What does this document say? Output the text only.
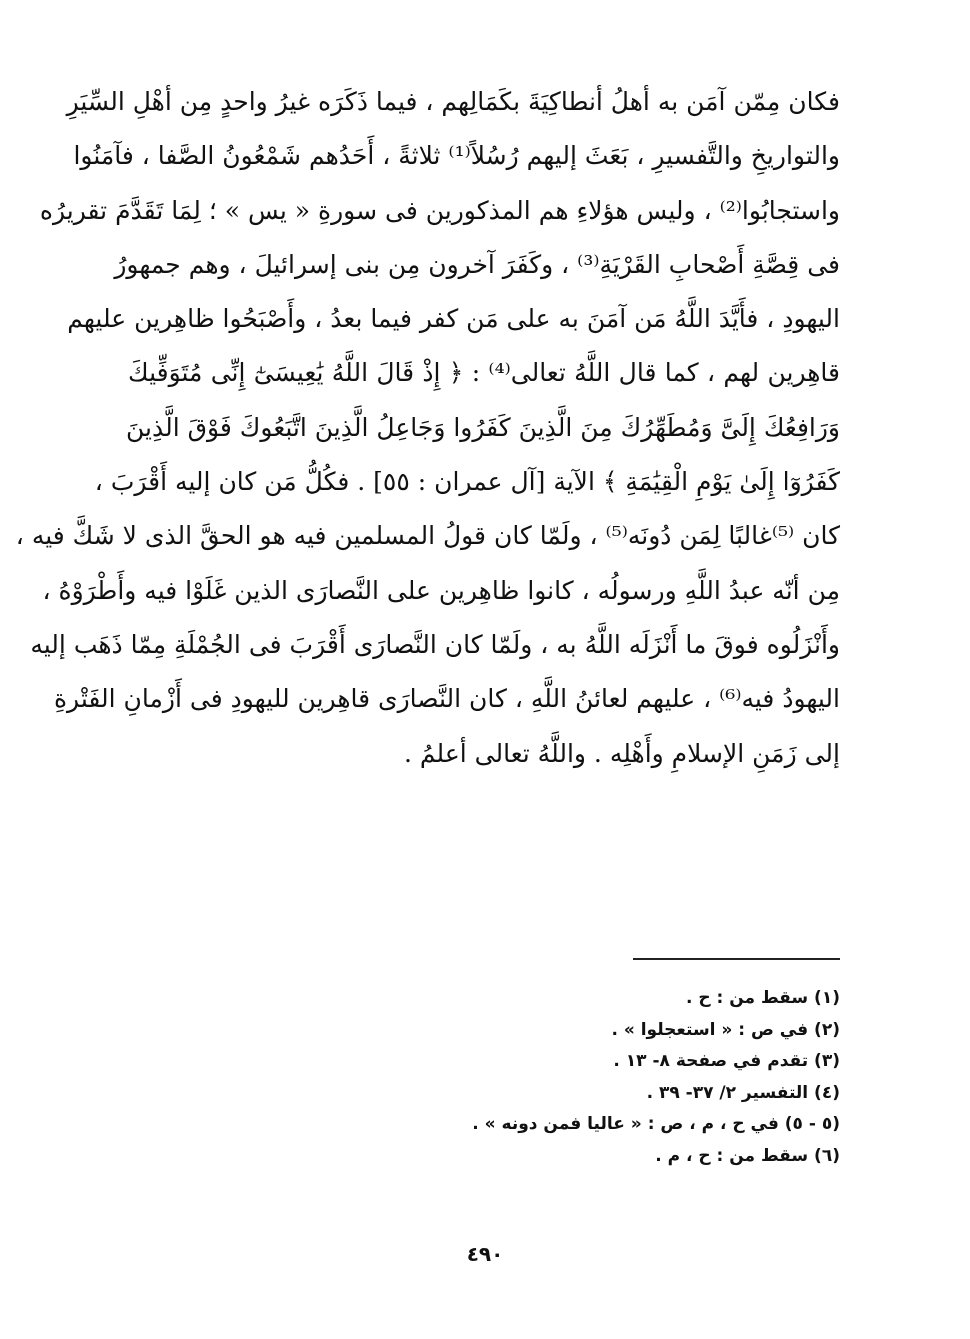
فكان مِمّن آمَن به أهلُ أنطاكِيَةَ بكَمَالِهم ، فيما ذَكَرَه غيرُ واحدٍ مِن أهْلِ السِّيَرِ
والتواريخِ والتَّفسيرِ ، بَعَثَ إليهم رُسُلاً⁽¹⁾ ثلاثةً ، أَحَدُهم شَمْعُونُ الصَّفا ، فآمَنُوا
واستجابُوا⁽²⁾ ، وليس هؤلاءِ هم المذكورين فى سورةِ « يس » ؛ لِمَا تَقَدَّمَ تقريرُه
فى قِصَّةِ أَصْحابِ القَرْيَةِ⁽³⁾ ، وكَفَرَ آخرون مِن بنى إسرائيلَ ، وهم جمهورُ
اليهودِ ، فأَيَّدَ اللَّهُ مَن آمَنَ به على مَن كفر فيما بعدُ ، وأَصْبَحُوا ظاهِرين عليهم
قاهِرين لهم ، كما قال اللَّهُ تعالى⁽⁴⁾ : ﴿ إِذْ قَالَ اللَّهُ يَٰعِيسَىٰٓ إِنِّى مُتَوَفِّيكَ
وَرَافِعُكَ إِلَىَّ وَمُطَهِّرُكَ مِنَ الَّذِينَ كَفَرُوا وَجَاعِلُ الَّذِينَ اتَّبَعُوكَ فَوْقَ الَّذِينَ
كَفَرُوٓا إِلَىٰ يَوْمِ الْقِيَٰمَةِ ﴾ الآية [آل عمران : ٥٥] . فكُلُّ مَن كان إليه أَقْرَبَ ،
كان ⁽⁵⁾غالبًا لِمَن دُونَه⁽⁵⁾ ، ولَمّا كان قولُ المسلمين فيه هو الحقَّ الذى لا شَكَّ فيه ،
مِن أنّه عبدُ اللَّهِ ورسولُه ، كانوا ظاهِرين على النَّصارَى الذين غَلَوْا فيه وأَطْرَوْهُ ،
وأَنْزَلُوه فوقَ ما أَنْزَلَه اللَّهُ به ، ولَمّا كان النَّصارَى أَقْرَبَ فى الجُمْلَةِ مِمّا ذَهَب إليه
اليهودُ فيه⁽⁶⁾ ، عليهم لعائنُ اللَّهِ ، كان النَّصارَى قاهِرين لليهودِ فى أَزْمانِ الفَتْرةِ
إلى زَمَنِ الإسلامِ وأَهْلِه . واللَّهُ تعالى أعلمُ .
(١) سقط من : ح .
(٢) في ص : « استعجلوا » .
(٣) تقدم في صفحة ٨- ١٣ .
(٤) التفسير ٢/ ٣٧- ٣٩ .
(٥ - ٥) في ح ، م ، ص : « عاليا فمن دونه » .
(٦) سقط من : ح ، م .
٤٩٠
